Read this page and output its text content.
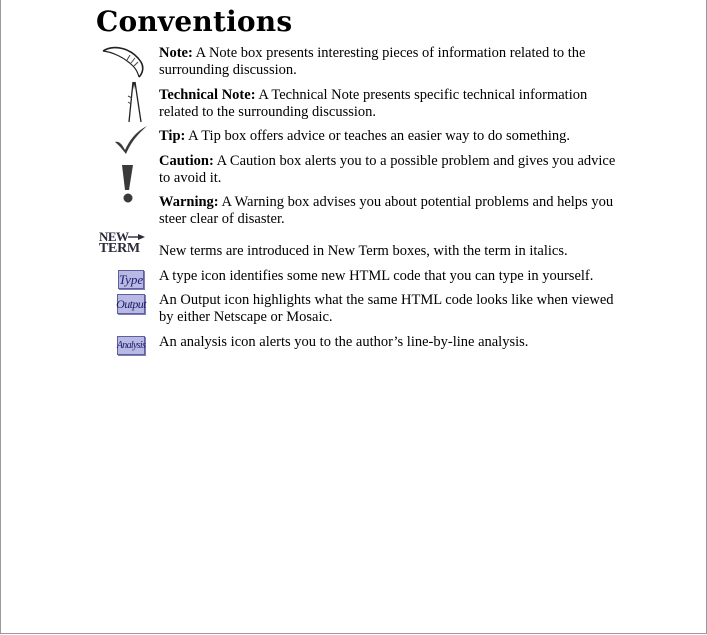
Conventions
Note: A Note box presents interesting pieces of information related to the surrounding discussion.
Technical Note: A Technical Note presents specific technical information related to the surrounding discussion.
Tip: A Tip box offers advice or teaches an easier way to do something.
Caution: A Caution box alerts you to a possible problem and gives you advice to avoid it.
Warning: A Warning box advises you about potential problems and helps you steer clear of disaster.
NEW
TERM New terms are introduced in New Term boxes, with the term in italics.
Type A type icon identifies some new HTML code that you can type in yourself.
Output An Output icon highlights what the same HTML code looks like when viewed by either Netscape or Mosaic.
Analysis An analysis icon alerts you to the author’s line-by-line analysis.
